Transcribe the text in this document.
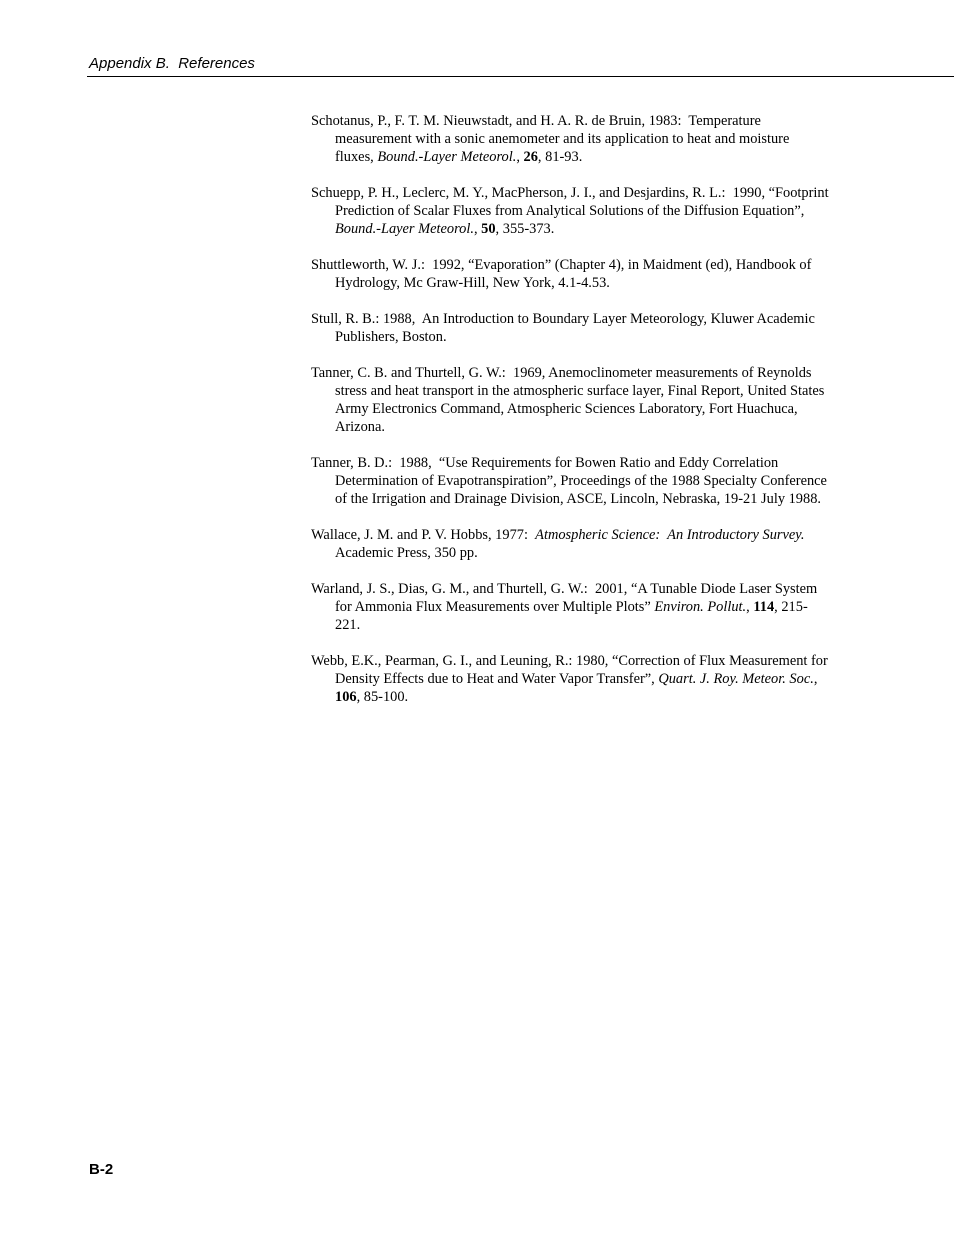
Appendix B.  References

Schotanus, P., F. T. M. Nieuwstadt, and H. A. R. de Bruin, 1983:  Temperature measurement with a sonic anemometer and its application to heat and moisture fluxes, Bound.-Layer Meteorol., 26, 81-93.

Schuepp, P. H., Leclerc, M. Y., MacPherson, J. I., and Desjardins, R. L.:  1990, “Footprint Prediction of Scalar Fluxes from Analytical Solutions of the Diffusion Equation”, Bound.-Layer Meteorol., 50, 355-373.

Shuttleworth, W. J.:  1992, “Evaporation” (Chapter 4), in Maidment (ed), Handbook of Hydrology, Mc Graw-Hill, New York, 4.1-4.53.

Stull, R. B.: 1988,  An Introduction to Boundary Layer Meteorology, Kluwer Academic Publishers, Boston.

Tanner, C. B. and Thurtell, G. W.:  1969, Anemoclinometer measurements of Reynolds stress and heat transport in the atmospheric surface layer, Final Report, United States Army Electronics Command, Atmospheric Sciences Laboratory, Fort Huachuca, Arizona.

Tanner, B. D.:  1988,  “Use Requirements for Bowen Ratio and Eddy Correlation Determination of Evapotranspiration”, Proceedings of the 1988 Specialty Conference of the Irrigation and Drainage Division, ASCE, Lincoln, Nebraska, 19-21 July 1988.

Wallace, J. M. and P. V. Hobbs, 1977:  Atmospheric Science:  An Introductory Survey. Academic Press, 350 pp.

Warland, J. S., Dias, G. M., and Thurtell, G. W.:  2001, “A Tunable Diode Laser System for Ammonia Flux Measurements over Multiple Plots” Environ. Pollut., 114, 215-221.

Webb, E.K., Pearman, G. I., and Leuning, R.: 1980, “Correction of Flux Measurement for Density Effects due to Heat and Water Vapor Transfer”, Quart. J. Roy. Meteor. Soc., 106, 85-100.

B-2
